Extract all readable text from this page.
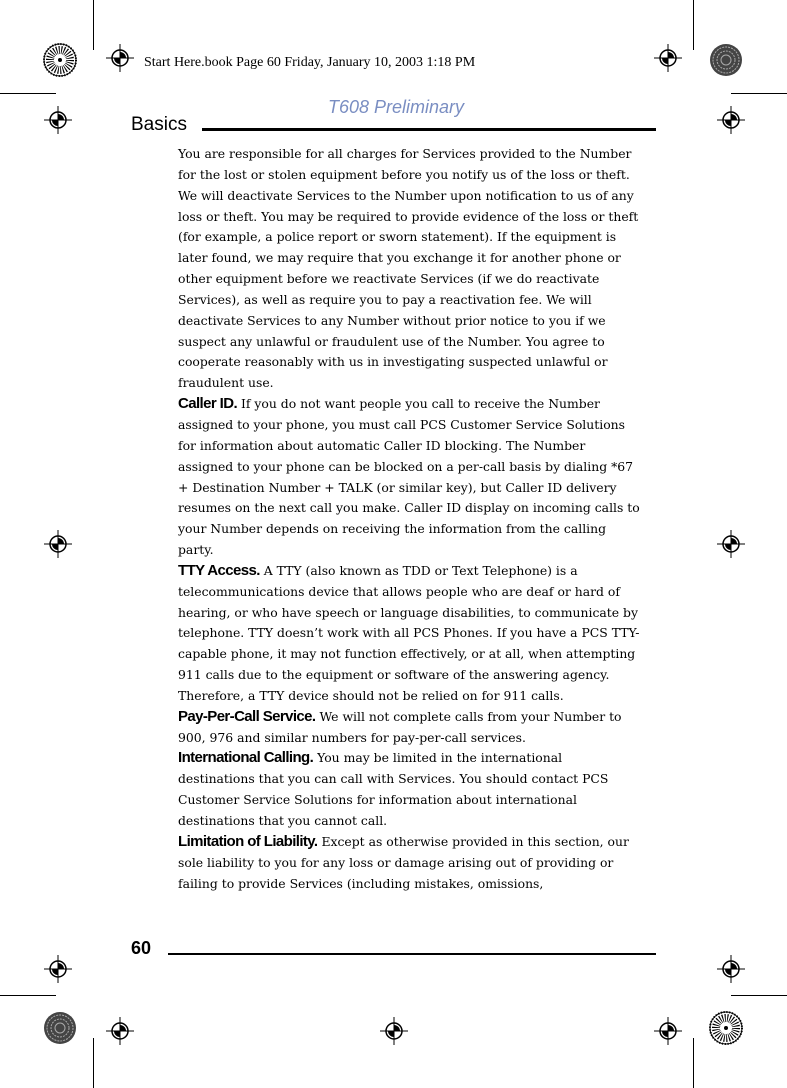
Start Here.book Page 60 Friday, January 10, 2003 1:18 PM
T608 Preliminary
Basics

You are responsible for all charges for Services provided to the Number for the lost or stolen equipment before you notify us of the loss or theft. We will deactivate Services to the Number upon notification to us of any loss or theft. You may be required to provide evidence of the loss or theft (for example, a police report or sworn statement). If the equipment is later found, we may require that you exchange it for another phone or other equipment before we reactivate Services (if we do reactivate Services), as well as require you to pay a reactivation fee. We will deactivate Services to any Number without prior notice to you if we suspect any unlawful or fraudulent use of the Number. You agree to cooperate reasonably with us in investigating suspected unlawful or fraudulent use.

Caller ID. If you do not want people you call to receive the Number assigned to your phone, you must call PCS Customer Service Solutions for information about automatic Caller ID blocking. The Number assigned to your phone can be blocked on a per-call basis by dialing *67 + Destination Number + TALK (or similar key), but Caller ID delivery resumes on the next call you make. Caller ID display on incoming calls to your Number depends on receiving the information from the calling party.

TTY Access. A TTY (also known as TDD or Text Telephone) is a telecommunications device that allows people who are deaf or hard of hearing, or who have speech or language disabilities, to communicate by telephone. TTY doesn’t work with all PCS Phones. If you have a PCS TTY-capable phone, it may not function effectively, or at all, when attempting 911 calls due to the equipment or software of the answering agency. Therefore, a TTY device should not be relied on for 911 calls.

Pay-Per-Call Service. We will not complete calls from your Number to 900, 976 and similar numbers for pay-per-call services.

International Calling. You may be limited in the international destinations that you can call with Services. You should contact PCS Customer Service Solutions for information about international destinations that you cannot call.

Limitation of Liability. Except as otherwise provided in this section, our sole liability to you for any loss or damage arising out of providing or failing to provide Services (including mistakes, omissions,

60
